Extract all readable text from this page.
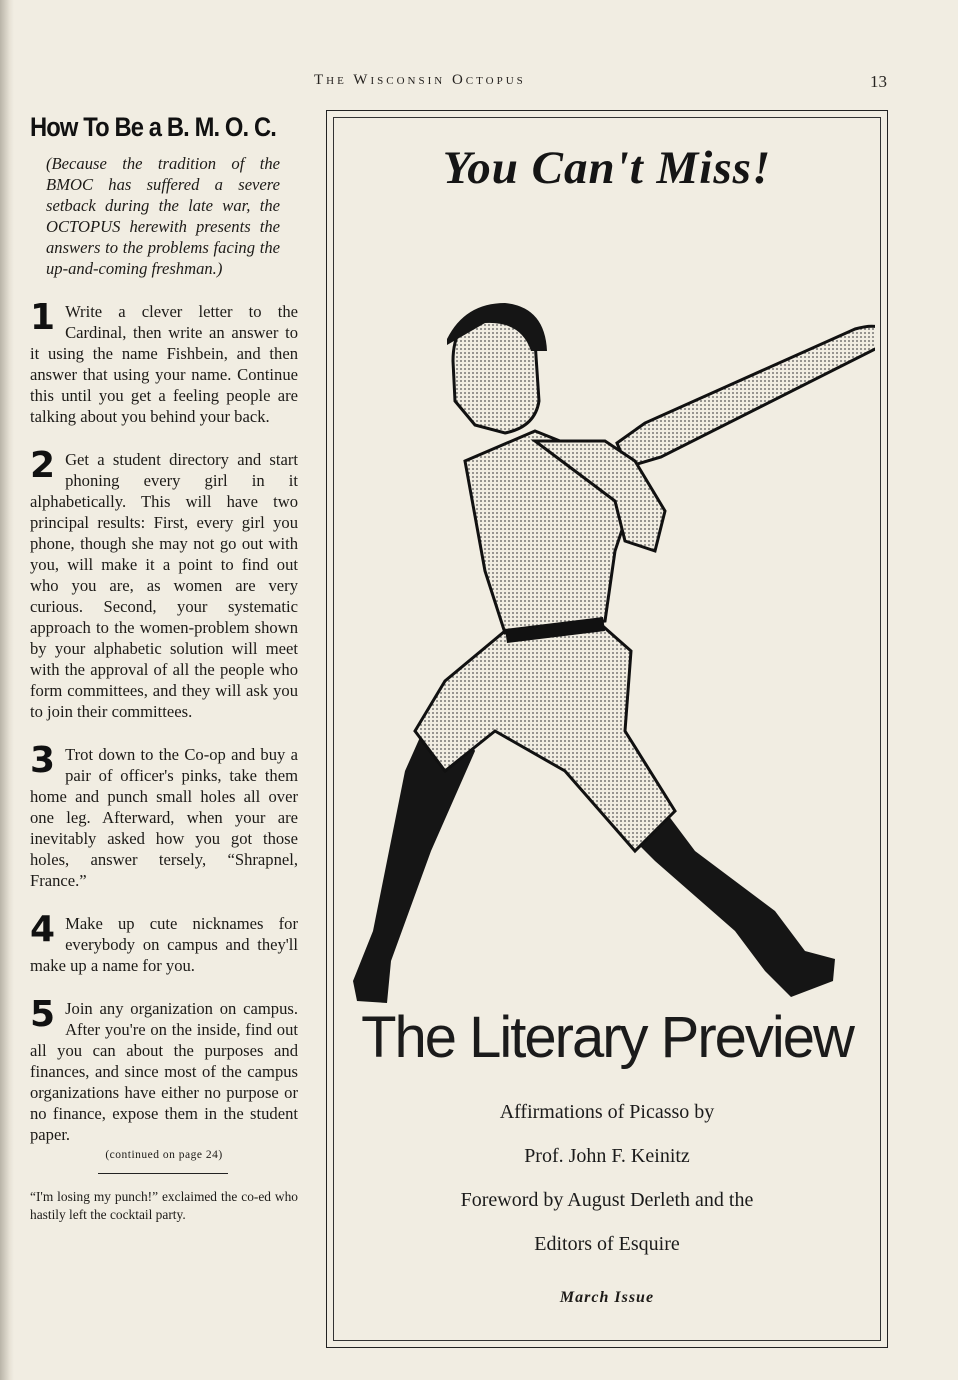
The Wisconsin Octopus	13
How To Be a B. M. O. C.
(Because the tradition of the BMOC has suffered a severe setback during the late war, the OCTOPUS herewith presents the answers to the problems facing the up-and-coming freshman.)
1 Write a clever letter to the Cardinal, then write an answer to it using the name Fishbein, and then answer that using your name. Continue this until you get a feeling people are talking about you behind your back.
2 Get a student directory and start phoning every girl in it alphabetically. This will have two principal results: First, every girl you phone, though she may not go out with you, will make it a point to find out who you are, as women are very curious. Second, your systematic approach to the women-problem shown by your alphabetic solution will meet with the approval of all the people who form committees, and they will ask you to join their committees.
3 Trot down to the Co-op and buy a pair of officer's pinks, take them home and punch small holes all over one leg. Afterward, when your are inevitably asked how you got those holes, answer tersely, “Shrapnel, France.”
4 Make up cute nicknames for everybody on campus and they'll make up a name for you.
5 Join any organization on campus. After you're on the inside, find out all you can about the purposes and finances, and since most of the campus organizations have either no purpose or no finance, expose them in the student paper.
(continued on page 24)
“I'm losing my punch!” exclaimed the co-ed who hastily left the cocktail party.
You Can't Miss!
The Literary Preview
Affirmations of Picasso by
Prof. John F. Keinitz
Foreword by August Derleth and the
Editors of Esquire
March Issue
